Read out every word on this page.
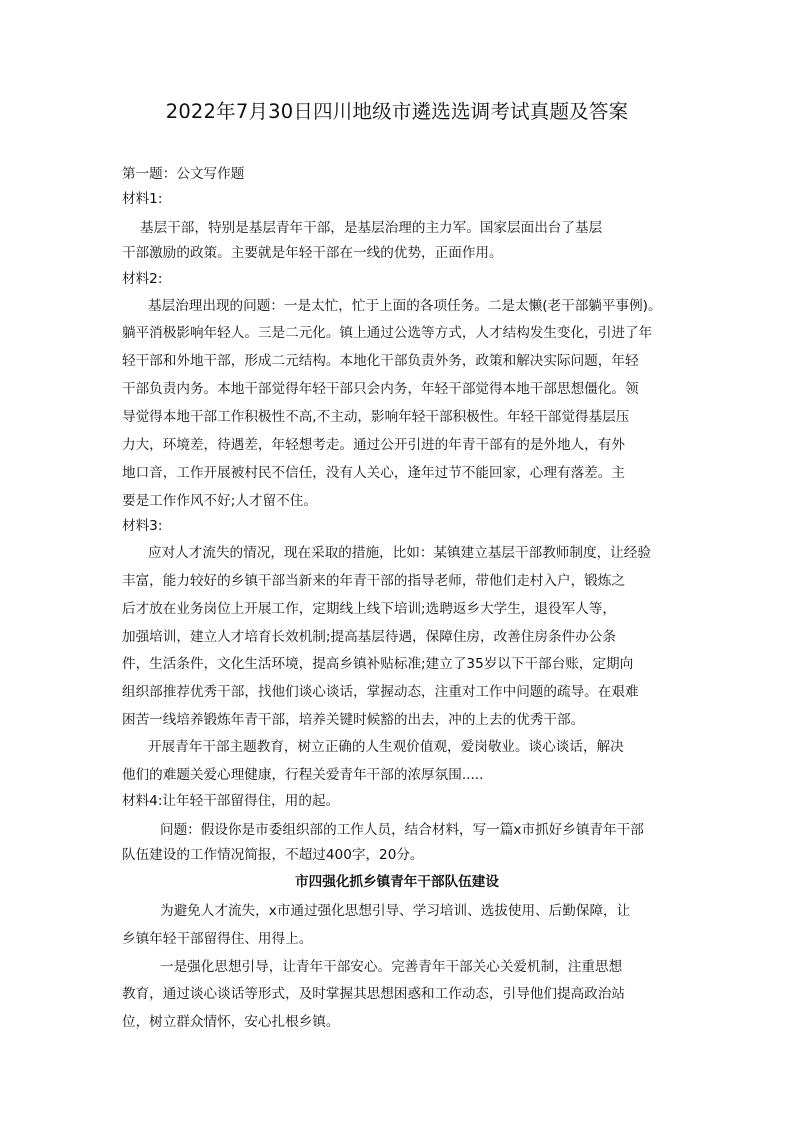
2022年7月30日四川地级市遴选选调考试真题及答案
第一题：公文写作题
材料1:
基层干部，特别是基层青年干部，是基层治理的主力军。国家层面出台了基层
干部激励的政策。主要就是年轻干部在一线的优势，正面作用。
材料2:
基层治理出现的问题：一是太忙，忙于上面的各项任务。二是太懒(老干部躺平事例)。
躺平消极影响年轻人。三是二元化。镇上通过公选等方式，人才结构发生变化，引进了年
轻干部和外地干部，形成二元结构。本地化干部负责外务，政策和解决实际问题，年轻
干部负责内务。本地干部觉得年轻干部只会内务，年轻干部觉得本地干部思想僵化。领
导觉得本地干部工作积极性不高,不主动，影响年轻干部积极性。年轻干部觉得基层压
力大，环境差，待遇差，年轻想考走。通过公开引进的年青干部有的是外地人，有外
地口音，工作开展被村民不信任，没有人关心，逢年过节不能回家，心理有落差。主
要是工作作风不好;人才留不住。
材料3:
应对人才流失的情况，现在采取的措施，比如：某镇建立基层干部教师制度，让经验
丰富，能力较好的乡镇干部当新来的年青干部的指导老师，带他们走村入户，锻炼之
后才放在业务岗位上开展工作，定期线上线下培训;选聘返乡大学生，退役军人等，
加强培训，建立人才培育长效机制;提高基层待遇，保障住房，改善住房条件办公条
件，生活条件，文化生活环境，提高乡镇补贴标准;建立了35岁以下干部台账，定期向
组织部推荐优秀干部，找他们谈心谈话，掌握动态，注重对工作中问题的疏导。在艰难
困苦一线培养锻炼年青干部，培养关键时候豁的出去，冲的上去的优秀干部。
开展青年干部主题教育，树立正确的人生观价值观，爱岗敬业。谈心谈话，解决
他们的难题关爱心理健康，行程关爱青年干部的浓厚氛围.....
材料4:让年轻干部留得住，用的起。
问题：假设你是市委组织部的工作人员，结合材料，写一篇x市抓好乡镇青年干部
队伍建设的工作情况简报，不超过400字，20分。
市四强化抓乡镇青年干部队伍建设
为避免人才流失，x市通过强化思想引导、学习培训、选拔使用、后勤保障，让
乡镇年轻干部留得住、用得上。
一是强化思想引导，让青年干部安心。完善青年干部关心关爱机制，注重思想
教育，通过谈心谈话等形式，及时掌握其思想困惑和工作动态，引导他们提高政治站
位，树立群众情怀，安心扎根乡镇。
